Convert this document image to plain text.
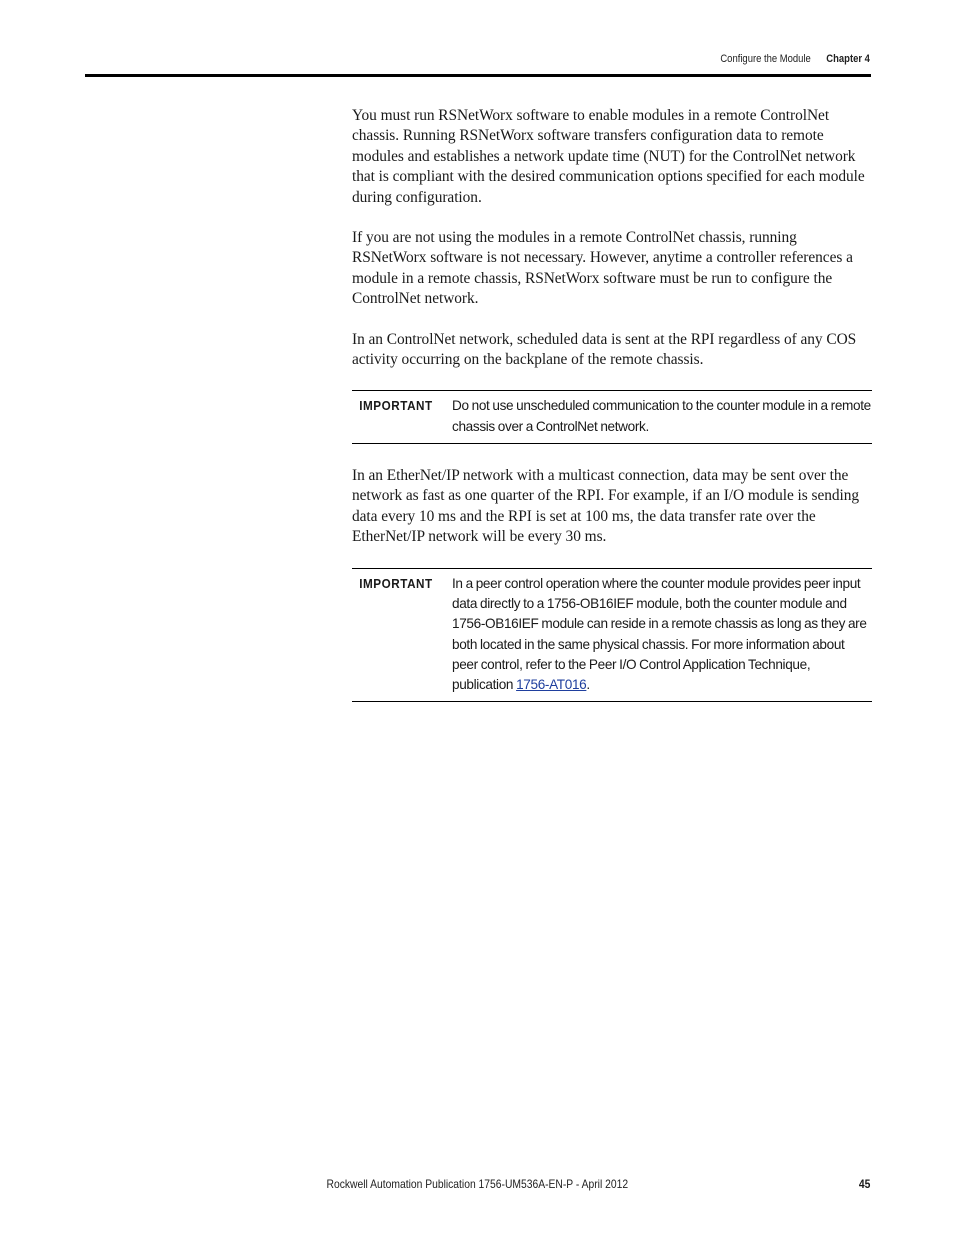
Configure the Module Chapter 4

You must run RSNetWorx software to enable modules in a remote ControlNet chassis. Running RSNetWorx software transfers configuration data to remote modules and establishes a network update time (NUT) for the ControlNet network that is compliant with the desired communication options specified for each module during configuration.

If you are not using the modules in a remote ControlNet chassis, running RSNetWorx software is not necessary. However, anytime a controller references a module in a remote chassis, RSNetWorx software must be run to configure the ControlNet network.

In an ControlNet network, scheduled data is sent at the RPI regardless of any COS activity occurring on the backplane of the remote chassis.

IMPORTANT	Do not use unscheduled communication to the counter module in a remote chassis over a ControlNet network.

In an EtherNet/IP network with a multicast connection, data may be sent over the network as fast as one quarter of the RPI. For example, if an I/O module is sending data every 10 ms and the RPI is set at 100 ms, the data transfer rate over the EtherNet/IP network will be every 30 ms.

IMPORTANT	In a peer control operation where the counter module provides peer input data directly to a 1756-OB16IEF module, both the counter module and 1756-OB16IEF module can reside in a remote chassis as long as they are both located in the same physical chassis. For more information about peer control, refer to the Peer I/O Control Application Technique, publication 1756-AT016.
Rockwell Automation Publication 1756-UM536A-EN-P - April 2012	45
